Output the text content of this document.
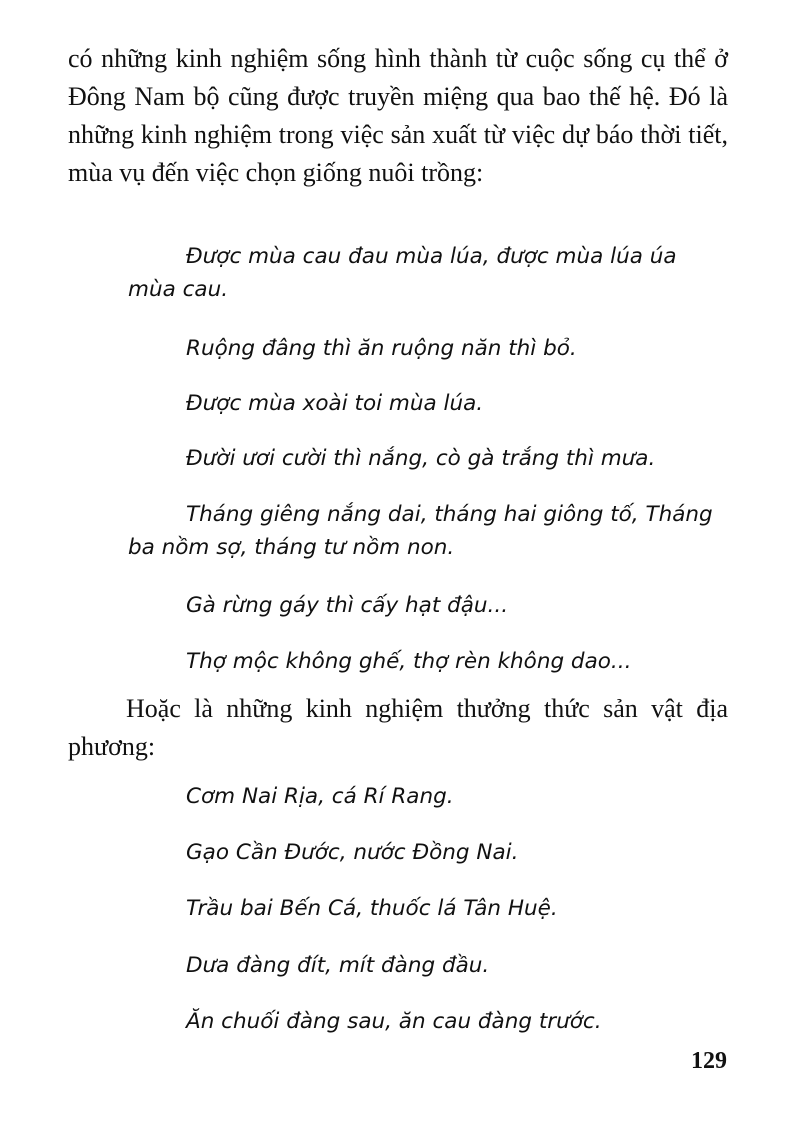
có những kinh nghiệm sống hình thành từ cuộc sống cụ thể ở Đông Nam bộ cũng được truyền miệng qua bao thế hệ. Đó là những kinh nghiệm trong việc sản xuất từ việc dự báo thời tiết, mùa vụ đến việc chọn giống nuôi trồng:

Được mùa cau đau mùa lúa, được mùa lúa úa mùa cau.

Ruộng đâng thì ăn ruộng năn thì bỏ.

Được mùa xoài toi mùa lúa.

Đười ươi cười thì nắng, cò gà trắng thì mưa.

Tháng giêng nắng dai, tháng hai giông tố, Tháng ba nồm sợ, tháng tư nồm non.

Gà rừng gáy thì cấy hạt đậu...

Thợ mộc không ghế, thợ rèn không dao...

Hoặc là những kinh nghiệm thưởng thức sản vật địa phương:

Cơm Nai Rịa, cá Rí Rang.

Gạo Cần Đước, nước Đồng Nai.

Trầu bai Bến Cá, thuốc lá Tân Huệ.

Dưa đàng đít, mít đàng đầu.

Ăn chuối đàng sau, ăn cau đàng trước.

129
